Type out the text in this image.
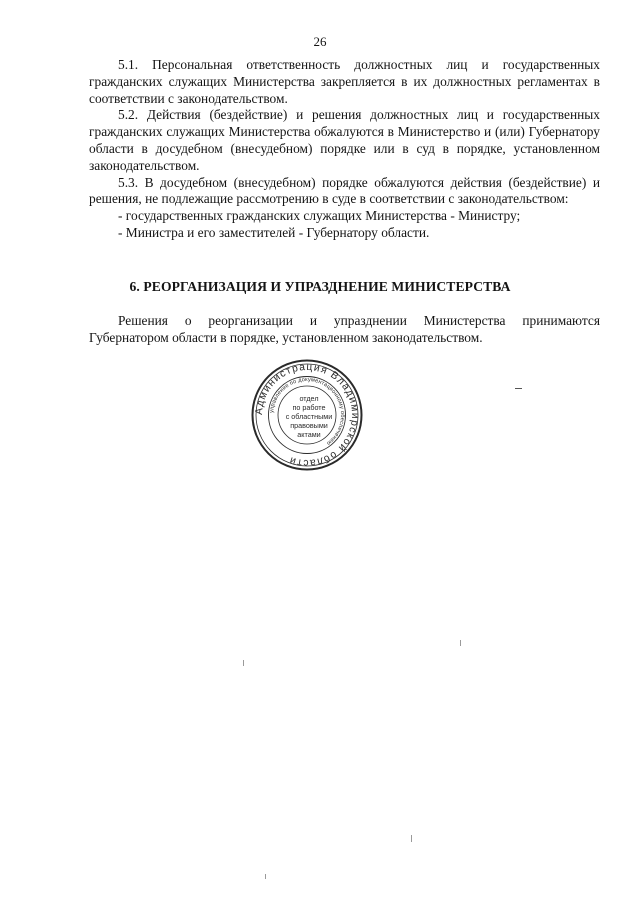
26

5.1. Персональная ответственность должностных лиц и государственных гражданских служащих Министерства закрепляется в их должностных регламентах в соответствии с законодательством.

5.2. Действия (бездействие) и решения должностных лиц и государственных гражданских служащих Министерства обжалуются в Министерство и (или) Губернатору области в досудебном (внесудебном) порядке или в суд в порядке, установленном законодательством.

5.3. В досудебном (внесудебном) порядке обжалуются действия (бездействие) и решения, не подлежащие рассмотрению в суде в соответствии с законодательством:

- государственных гражданских служащих Министерства - Министру;

- Министра и его заместителей - Губернатору области.

6. РЕОРГАНИЗАЦИЯ И УПРАЗДНЕНИЕ МИНИСТЕРСТВА

Решения о реорганизации и упразднении Министерства принимаются Губернатором области в порядке, установленном законодательством.

Администрация Владимирской области
управление по документационному обеспечению
отдел
по работе
с областными
правовыми
актами
